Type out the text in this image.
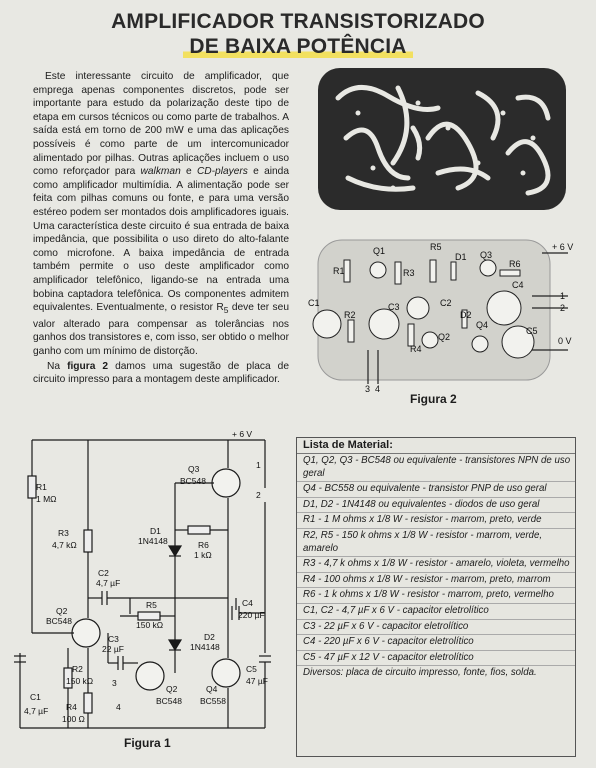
AMPLIFICADOR TRANSISTORIZADO
DE BAIXA POTÊNCIA

Este interessante circuito de amplificador, que emprega apenas componentes discretos, pode ser importante para estudo da polarização deste tipo de etapa em cursos técnicos ou como parte de trabalhos. A saída está em torno de 200 mW e uma das aplicações possíveis é como parte de um intercomunicador alimentado por pilhas. Outras aplicações incluem o uso como reforçador para walkman e CD-players e ainda como amplificador multimídia. A alimentação pode ser feita com pilhas comuns ou fonte, e para uma versão estéreo podem ser montados dois amplificadores iguais. Uma característica deste circuito é sua entrada de baixa impedância, que possibilita o uso direto do alto-falante como microfone. A baixa impedância de entrada também permite o uso deste amplificador como amplificador telefônico, ligando-se na entrada uma bobina captadora telefônica. Os componentes admitem equivalentes. Eventualmente, o resistor $R_5$ deve ter seu valor alterado para compensar as tolerâncias nos ganhos dos transistores e, com isso, ser obtido o melhor ganho com um mínimo de distorção.

Na figura 2 damos uma sugestão de placa de circuito impresso para a montagem deste amplificador.

Q1
R1	R3
R5
D1 Q3
R6
C4
C1
R2
C3	C2
D2
R4
Q2
Q4
C5
+ 6 V
0 V
1
2
3 4
Figura 2
+ 6 V
R1
1 MΩ
R3
4,7 kΩ
C2
4,7 µF
Q3
BC548
D1
1N4148	R6
1 kΩ
R5
150 kΩ
C4
220 µF
Q2
BC548
C3
22 µF
D2
1N4148
C1
4,7 µF
R2
150 kΩ
R4
100 Ω
Q2
BC548
Q4
BC558
C5
47 µF
1
2
3
4
Figura 1
Lista de Material:
Q1, Q2, Q3 - BC548 ou equivalente - transistores NPN de uso geral
Q4 - BC558 ou equivalente - transistor PNP de uso geral
D1, D2 - 1N4148 ou equivalentes - diodos de uso geral
R1 - 1 M ohms x 1/8 W - resistor - marrom, preto, verde
R2, R5 - 150 k ohms x 1/8 W - resistor - marrom, verde, amarelo
R3 - 4,7 k ohms x 1/8 W - resistor - amarelo, violeta, vermelho
R4 - 100 ohms x 1/8 W - resistor - marrom, preto, marrom
R6 - 1 k ohms x 1/8 W - resistor - marrom, preto, vermelho
C1, C2 - 4,7 µF x 6 V - capacitor eletrolítico
C3 - 22 µF x 6 V - capacitor eletrolítico
C4 - 220 µF x 6 V - capacitor eletrolítico
C5 - 47 µF x 12 V - capacitor eletrolítico
Diversos: placa de circuito impresso, fonte, fios, solda.
